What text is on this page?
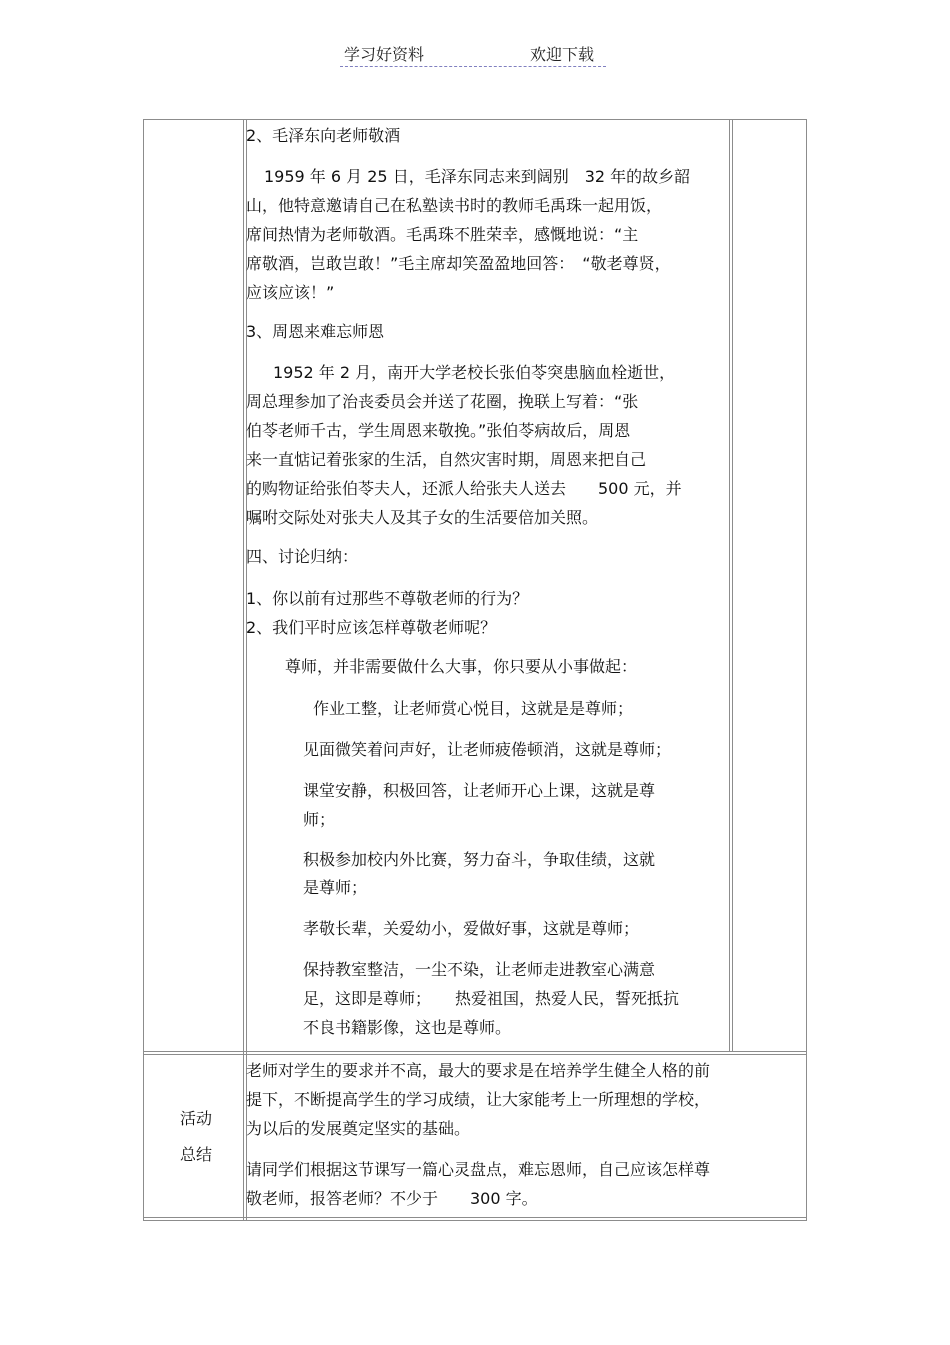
学习好资料	欢迎下载
2、毛泽东向老师敬酒
1959 年 6 月 25 日，毛泽东同志来到阔别　32 年的故乡韶
山，他特意邀请自己在私塾读书时的教师毛禹珠一起用饭，
席间热情为老师敬酒。毛禹珠不胜荣幸，感慨地说：“主
席敬酒，岂敢岂敢！”毛主席却笑盈盈地回答：　“敬老尊贤，
应该应该！”
3、周恩来难忘师恩
1952 年 2 月，南开大学老校长张伯苓突患脑血栓逝世，
周总理参加了治丧委员会并送了花圈，挽联上写着：“张
伯苓老师千古，学生周恩来敬挽。”张伯苓病故后，周恩
来一直惦记着张家的生活，自然灾害时期，周恩来把自己
的购物证给张伯苓夫人，还派人给张夫人送去　　500 元，并
嘱咐交际处对张夫人及其子女的生活要倍加关照。
四、讨论归纳：
1、你以前有过那些不尊敬老师的行为？
2、我们平时应该怎样尊敬老师呢？
尊师，并非需要做什么大事，你只要从小事做起：
作业工整，让老师赏心悦目，这就是是尊师；
见面微笑着问声好，让老师疲倦顿消，这就是尊师；
课堂安静，积极回答，让老师开心上课，这就是尊
师；
积极参加校内外比赛，努力奋斗，争取佳绩，这就
是尊师；
孝敬长辈，关爱幼小，爱做好事，这就是尊师；
保持教室整洁，一尘不染，让老师走进教室心满意
足，这即是尊师；　　热爱祖国，热爱人民，誓死抵抗
不良书籍影像，这也是尊师。
活动
总结
老师对学生的要求并不高，最大的要求是在培养学生健全人格的前
提下，不断提高学生的学习成绩，让大家能考上一所理想的学校，
为以后的发展奠定坚实的基础。
请同学们根据这节课写一篇心灵盘点，难忘恩师，自己应该怎样尊
敬老师，报答老师？不少于　　300 字。
